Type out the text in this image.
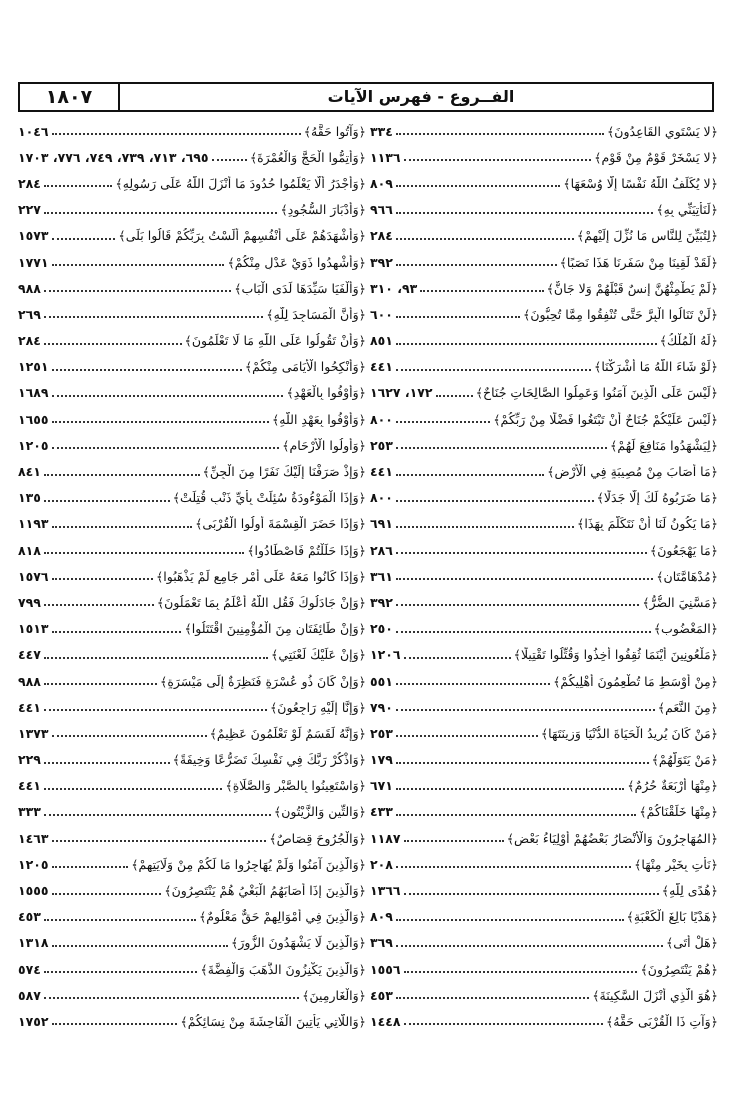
الفــروع - فهرس الآيات
١٨٠٧
﴿لا يَسْتَوِي القَاعِدُونَ﴾
٣٣٤
﴿لا يَسْخَرْ قَوْمٌ مِنْ قَوْمٍ﴾
١١٣٦
﴿لا يُكَلِّفُ اللَّهُ نَفْسًا إِلَّا وُسْعَهَا﴾
٨٠٩
﴿لَنَأْتِيَنِّي بِهِ﴾
٩٦٦
﴿لِتُبَيِّنَ لِلنَّاسِ مَا نُزِّلَ إِلَيْهِمْ﴾
٢٨٤
﴿لَقَدْ لَقِينَا مِنْ سَفَرِنَا هَذَا نَصَبًا﴾
٣٩٢
﴿لَمْ يَطْمِثْهُنَّ إِنسٌ قَبْلَهُمْ وَلا جَانٌّ﴾
٩٣، ٣١٠
﴿لَنْ تَنَالُوا الْبِرَّ حَتَّى تُنْفِقُوا مِمَّا تُحِبُّونَ﴾
٦٠٠
﴿لَهُ الْمُلْكُ﴾
٨٥١
﴿لَوْ شَاءَ اللَّهُ مَا أَشْرَكْنَا﴾
٤٤١
﴿لَيْسَ عَلَى الَّذِينَ آمَنُوا وَعَمِلُوا الصَّالِحَاتِ جُنَاحٌ﴾
١٧٢، ١٦٢٧
﴿لَيْسَ عَلَيْكُمْ جُنَاحٌ أَنْ تَبْتَغُوا فَضْلًا مِنْ رَبِّكُمْ﴾
٨٠٠
﴿لِيَشْهَدُوا مَنَافِعَ لَهُمْ﴾
٢٥٣
﴿مَا أَصَابَ مِنْ مُصِيبَةٍ فِي الْأَرْضِ﴾
٤٤١
﴿مَا ضَرَبُوهُ لَكَ إِلَّا جَدَلًا﴾
٨٠٠
﴿مَا يَكُونُ لَنَا أَنْ نَتَكَلَّمَ بِهَذَا﴾
٦٩١
﴿مَا يَهْجَعُونَ﴾
٢٨٦
﴿مُدْهَامَّتَانِ﴾
٣٦١
﴿مَسَّنِيَ الضُّرُّ﴾
٣٩٢
﴿المَغْضُوبِ﴾
٢٥٠
﴿مَلْعُونِينَ أَيْنَمَا ثُقِفُوا أُخِذُوا وَقُتِّلُوا تَقْتِيلًا﴾
١٢٠٦
﴿مِنْ أَوْسَطِ مَا تُطْعِمُونَ أَهْلِيكُمْ﴾
٥٥١
﴿مِنَ النَّعَمِ﴾
٧٩٠
﴿مَنْ كَانَ يُرِيدُ الْحَيَاةَ الدُّنْيَا وَزِينَتَهَا﴾
٢٥٣
﴿مَنْ يَتَوَلَّهُمْ﴾
١٧٩
﴿مِنْهَا أَرْبَعَةٌ حُرُمٌ﴾
٦٧١
﴿مِنْهَا خَلَقْنَاكُمْ﴾
٤٣٣
﴿المُهَاجِرُونَ وَالْأَنْصَارُ بَعْضُهُمْ أَوْلِيَاءُ بَعْضٍ﴾
١١٨٧
﴿نَأْتِ بِخَيْرٍ مِنْهَا﴾
٢٠٨
﴿هُدًى لِلَّهِ﴾
١٣٦٦
﴿هَدْيًا بَالِغَ الْكَعْبَةِ﴾
٨٠٩
﴿هَلْ أَتَى﴾
٣٦٩
﴿هُمْ يَنْتَصِرُونَ﴾
١٥٥٦
﴿هُوَ الَّذِي أَنْزَلَ السَّكِينَةَ﴾
٤٥٣
﴿وَآتِ ذَا الْقُرْبَى حَقَّهُ﴾
١٤٤٨
﴿وَآتُوا حَقَّهُ﴾
١٠٤٦
﴿وَأَتِمُّوا الْحَجَّ وَالْعُمْرَةَ﴾
٦٩٥، ٧١٣، ٧٣٩، ٧٤٩، ٧٧٦، ١٧٠٣
﴿وَأَجْدَرُ أَلَّا يَعْلَمُوا حُدُودَ مَا أَنْزَلَ اللَّهُ عَلَى رَسُولِهِ﴾
٢٨٤
﴿وَأَدْبَارَ السُّجُودِ﴾
٢٢٧
﴿وَأَشْهَدَهُمْ عَلَى أَنْفُسِهِمْ أَلَسْتُ بِرَبِّكُمْ قَالُوا بَلَى﴾
١٥٧٣
﴿وَأَشْهِدُوا ذَوَيْ عَدْلٍ مِنْكُمْ﴾
١٧٧١
﴿وَأَلْفَيَا سَيِّدَهَا لَدَى الْبَابِ﴾
٩٨٨
﴿وَأَنَّ الْمَسَاجِدَ لِلَّهِ﴾
٢٦٩
﴿وَأَنْ تَقُولُوا عَلَى اللَّهِ مَا لَا تَعْلَمُونَ﴾
٢٨٤
﴿وَأَنْكِحُوا الْأَيَامَى مِنْكُمْ﴾
١٢٥١
﴿وَأَوْفُوا بِالْعَهْدِ﴾
١٦٨٩
﴿وَأَوْفُوا بِعَهْدِ اللَّهِ﴾
١٦٥٥
﴿وَأُولُوا الْأَرْحَامِ﴾
١٢٠٥
﴿وَإِذْ صَرَفْنَا إِلَيْكَ نَفَرًا مِنَ الْجِنِّ﴾
٨٤١
﴿وَإِذَا الْمَوْءُودَةُ سُئِلَتْ بِأَيِّ ذَنْبٍ قُتِلَتْ﴾
١٣٥
﴿وَإِذَا حَضَرَ الْقِسْمَةَ أُولُوا الْقُرْبَى﴾
١١٩٣
﴿وَإِذَا حَلَلْتُمْ فَاصْطَادُوا﴾
٨١٨
﴿وَإِذَا كَانُوا مَعَهُ عَلَى أَمْرٍ جَامِعٍ لَمْ يَذْهَبُوا﴾
١٥٧٦
﴿وَإِنْ جَادَلُوكَ فَقُلِ اللَّهُ أَعْلَمُ بِمَا تَعْمَلُونَ﴾
٧٩٩
﴿وَإِنْ طَائِفَتَانِ مِنَ الْمُؤْمِنِينَ اقْتَتَلُوا﴾
١٥١٣
﴿وَإِنْ عَلَيْكَ لَعْنَتِي﴾
٤٤٧
﴿وَإِنْ كَانَ ذُو عُسْرَةٍ فَنَظِرَةٌ إِلَى مَيْسَرَةٍ﴾
٩٨٨
﴿وَإِنَّا إِلَيْهِ رَاجِعُونَ﴾
٤٤١
﴿وَإِنَّهُ لَقَسَمٌ لَوْ تَعْلَمُونَ عَظِيمٌ﴾
١٣٧٣
﴿وَاذْكُرْ رَبَّكَ فِي نَفْسِكَ تَضَرُّعًا وَخِيفَةً﴾
٢٢٩
﴿وَاسْتَعِينُوا بِالصَّبْرِ وَالصَّلَاةِ﴾
٤٤١
﴿وَالتِّينِ وَالزَّيْتُونِ﴾
٣٣٣
﴿وَالْجُرُوحَ قِصَاصٌ﴾
١٤٦٣
﴿وَالَّذِينَ آمَنُوا وَلَمْ يُهَاجِرُوا مَا لَكُمْ مِنْ وَلَايَتِهِمْ﴾
١٢٠٥
﴿وَالَّذِينَ إِذَا أَصَابَهُمُ الْبَغْيُ هُمْ يَنْتَصِرُونَ﴾
١٥٥٥
﴿وَالَّذِينَ فِي أَمْوَالِهِمْ حَقٌّ مَعْلُومٌ﴾
٤٥٣
﴿وَالَّذِينَ لَا يَشْهَدُونَ الزُّورَ﴾
١٣١٨
﴿وَالَّذِينَ يَكْنِزُونَ الذَّهَبَ وَالْفِضَّةَ﴾
٥٧٤
﴿وَالْغَارِمِينَ﴾
٥٨٧
﴿وَاللَّاتِي يَأْتِينَ الْفَاحِشَةَ مِنْ نِسَائِكُمْ﴾
١٧٥٢
